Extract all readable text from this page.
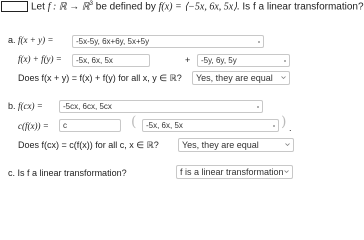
Let f : ℝ → ℝ$^3$ be defined by f(x) = ⟨−5x, 6x, 5x⟩. Is f a linear transformation?
a. f(x + y) =	-5x-5y, 6x+6y, 5x+5y
f(x) + f(y) =	-5x, 6x, 5x	+	-5y, 6y, 5y
Does f(x + y) = f(x) + f(y) for all x, y ∈ ℝ?	Yes, they are equal
b. f(cx) =	-5cx, 6cx, 5cx
c(f(x)) =	c	(	-5x, 6x, 5x	) .
Does f(cx) = c(f(x)) for all c, x ∈ ℝ?	Yes, they are equal
c. Is f a linear transformation?	f is a linear transformation
